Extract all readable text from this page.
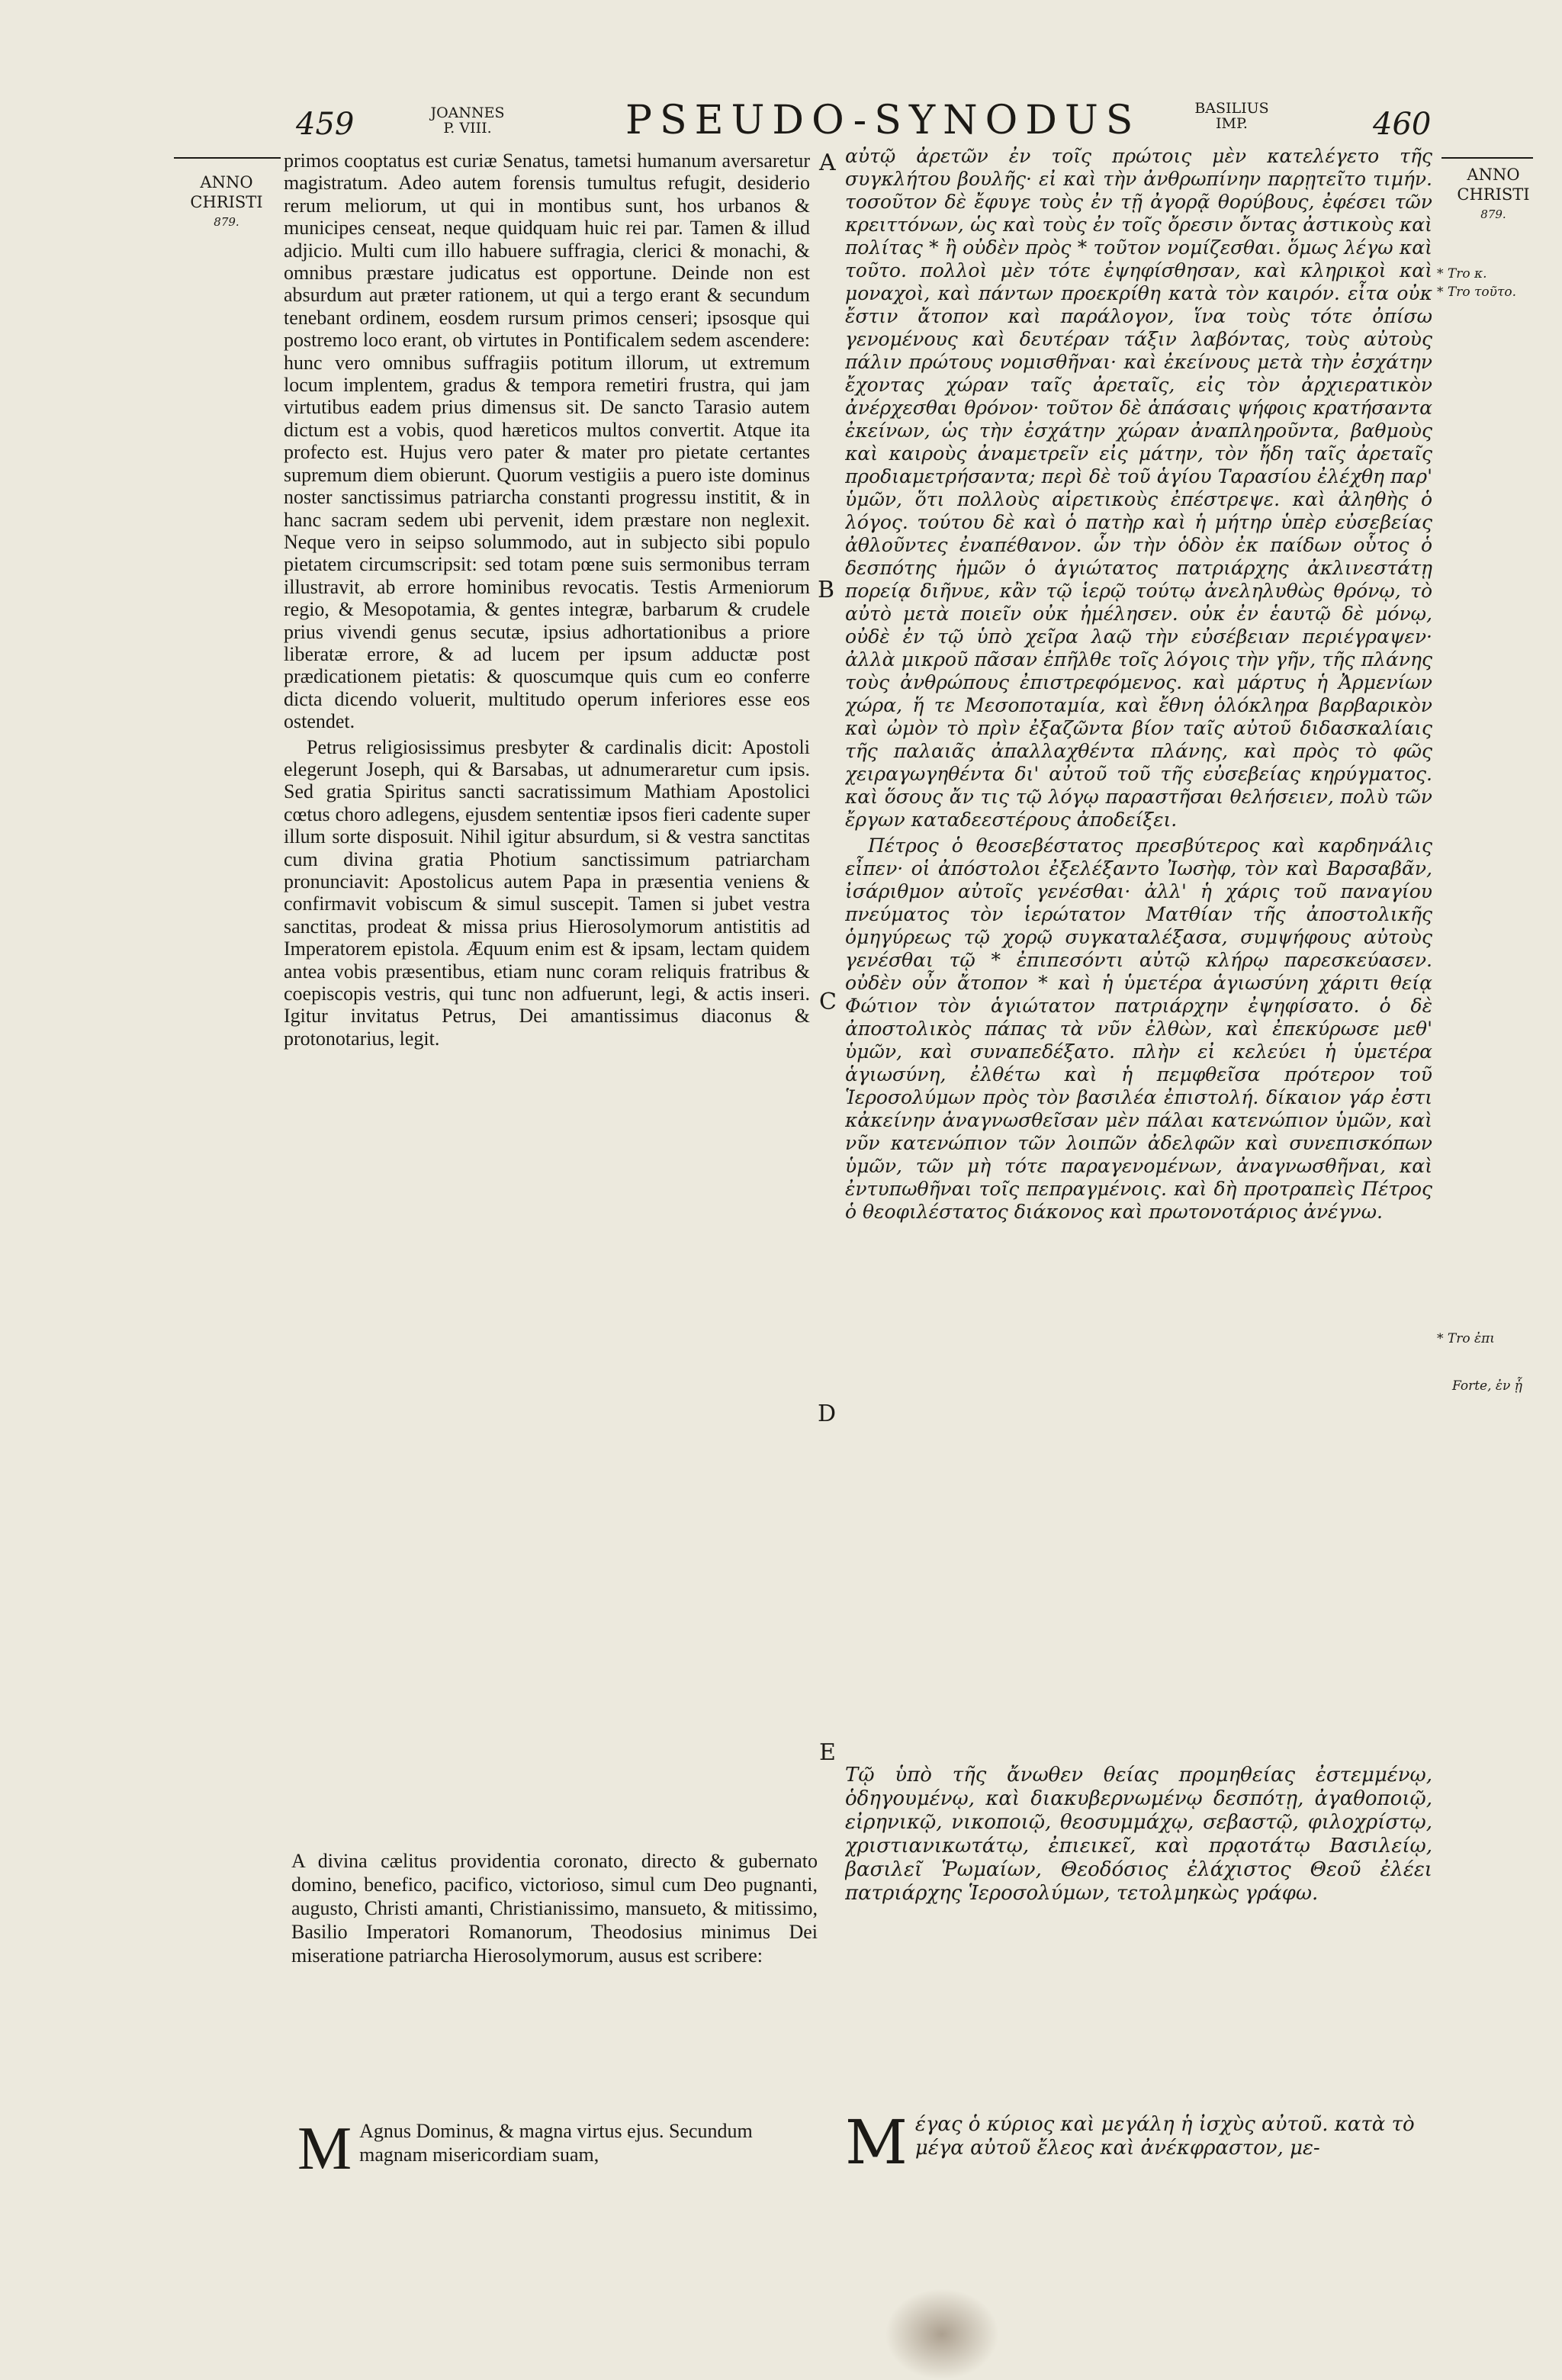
459	JOANNES
P. VIII.	PSEUDO-SYNODUS	BASILIUS
IMP.	460
ANNO
CHRISTI
879.
ANNO
CHRISTI
879.
A
B
C
D
E
* Tro κ.
* Tro τοῦτο.
* Tro ἐπι
Forte, ἐν ᾗ

primos cooptatus est curiæ Senatus, tametsi humanum aversaretur magistratum. Adeo autem forensis tumultus refugit, desiderio rerum meliorum, ut qui in montibus sunt, hos urbanos & municipes censeat, neque quidquam huic rei par. Tamen & illud adjicio. Multi cum illo habuere suffragia, clerici & monachi, & omnibus præstare judicatus est opportune. Deinde non est absurdum aut præter rationem, ut qui a tergo erant & secundum tenebant ordinem, eosdem rursum primos censeri; ipsosque qui postremo loco erant, ob virtutes in Pontificalem sedem ascendere: hunc vero omnibus suffragiis potitum illorum, ut extremum locum implentem, gradus & tempora remetiri frustra, qui jam virtutibus eadem prius dimensus sit. De sancto Tarasio autem dictum est a vobis, quod hæreticos multos convertit. Atque ita profecto est. Hujus vero pater & mater pro pietate certantes supremum diem obierunt. Quorum vestigiis a puero iste dominus noster sanctissimus patriarcha constanti progressu institit, & in hanc sacram sedem ubi pervenit, idem præstare non neglexit. Neque vero in seipso solummodo, aut in subjecto sibi populo pietatem circumscripsit: sed totam pœne suis sermonibus terram illustravit, ab errore hominibus revocatis. Testis Armeniorum regio, & Mesopotamia, & gentes integræ, barbarum & crudele prius vivendi genus secutæ, ipsius adhortationibus a priore liberatæ errore, & ad lucem per ipsum adductæ post prædicationem pietatis: & quoscumque quis cum eo conferre dicta dicendo voluerit, multitudo operum inferiores esse eos ostendet.

Petrus religiosissimus presbyter & cardinalis dicit: Apostoli elegerunt Joseph, qui & Barsabas, ut adnumeraretur cum ipsis. Sed gratia Spiritus sancti sacratissimum Mathiam Apostolici cœtus choro adlegens, ejusdem sententiæ ipsos fieri cadente super illum sorte disposuit. Nihil igitur absurdum, si & vestra sanctitas cum divina gratia Photium sanctissimum patriarcham pronunciavit: Apostolicus autem Papa in præsentia veniens & confirmavit vobiscum & simul suscepit. Tamen si jubet vestra sanctitas, prodeat & missa prius Hierosolymorum antistitis ad Imperatorem epistola. Æquum enim est & ipsam, lectam quidem antea vobis præsentibus, etiam nunc coram reliquis fratribus & coepiscopis vestris, qui tunc non adfuerunt, legi, & actis inseri. Igitur invitatus Petrus, Dei amantissimus diaconus & protonotarius, legit.

αὐτῷ ἀρετῶν ἐν τοῖς πρώτοις μὲν κατελέγετο τῆς συγκλήτου βουλῆς· εἰ καὶ τὴν ἀνθρωπίνην παρῃτεῖτο τιμήν. τοσοῦτον δὲ ἔφυγε τοὺς ἐν τῇ ἀγορᾷ θορύβους, ἐφέσει τῶν κρειττόνων, ὡς καὶ τοὺς ἐν τοῖς ὄρεσιν ὄντας ἀστικοὺς καὶ πολίτας * ἢ οὐδὲν πρὸς * τοῦτον νομίζεσθαι. ὅμως λέγω καὶ τοῦτο. πολλοὶ μὲν τότε ἐψηφίσθησαν, καὶ κληρικοὶ καὶ μοναχοὶ, καὶ πάντων προεκρίθη κατὰ τὸν καιρόν. εἶτα οὐκ ἔστιν ἄτοπον καὶ παράλογον, ἵνα τοὺς τότε ὀπίσω γενομένους καὶ δευτέραν τάξιν λαβόντας, τοὺς αὐτοὺς πάλιν πρώτους νομισθῆναι· καὶ ἐκείνους μετὰ τὴν ἐσχάτην ἔχοντας χώραν ταῖς ἀρεταῖς, εἰς τὸν ἀρχιερατικὸν ἀνέρχεσθαι θρόνον· τοῦτον δὲ ἁπάσαις ψήφοις κρατήσαντα ἐκείνων, ὡς τὴν ἐσχάτην χώραν ἀναπληροῦντα, βαθμοὺς καὶ καιροὺς ἀναμετρεῖν εἰς μάτην, τὸν ἤδη ταῖς ἀρεταῖς προδιαμετρήσαντα; περὶ δὲ τοῦ ἁγίου Ταρασίου ἐλέχθη παρ' ὑμῶν, ὅτι πολλοὺς αἱρετικοὺς ἐπέστρεψε. καὶ ἀληθὴς ὁ λόγος. τούτου δὲ καὶ ὁ πατὴρ καὶ ἡ μήτηρ ὑπὲρ εὐσεβείας ἀθλοῦντες ἐναπέθανον. ὧν τὴν ὁδὸν ἐκ παίδων οὗτος ὁ δεσπότης ἡμῶν ὁ ἁγιώτατος πατριάρχης ἀκλινεστάτῃ πορείᾳ διῆνυε, κἂν τῷ ἱερῷ τούτῳ ἀνεληλυθὼς θρόνῳ, τὸ αὐτὸ μετὰ ποιεῖν οὐκ ἠμέλησεν. οὐκ ἐν ἑαυτῷ δὲ μόνῳ, οὐδὲ ἐν τῷ ὑπὸ χεῖρα λαῷ τὴν εὐσέβειαν περιέγραψεν· ἀλλὰ μικροῦ πᾶσαν ἐπῆλθε τοῖς λόγοις τὴν γῆν, τῆς πλάνης τοὺς ἀνθρώπους ἐπιστρεφόμενος. καὶ μάρτυς ἡ Ἀρμενίων χώρα, ἥ τε Μεσοποταμία, καὶ ἔθνη ὁλόκληρα βαρβαρικὸν καὶ ὠμὸν τὸ πρὶν ἐξαζῶντα βίον ταῖς αὐτοῦ διδασκαλίαις τῆς παλαιᾶς ἀπαλλαχθέντα πλάνης, καὶ πρὸς τὸ φῶς χειραγωγηθέντα δι' αὐτοῦ τοῦ τῆς εὐσεβείας κηρύγματος. καὶ ὅσους ἄν τις τῷ λόγῳ παραστῆσαι θελήσειεν, πολὺ τῶν ἔργων καταδεεστέρους ἀποδείξει.

Πέτρος ὁ θεοσεβέστατος πρεσβύτερος καὶ καρδηνάλις εἶπεν· οἱ ἀπόστολοι ἐξελέξαντο Ἰωσὴφ, τὸν καὶ Βαρσαβᾶν, ἰσάριθμον αὐτοῖς γενέσθαι· ἀλλ' ἡ χάρις τοῦ παναγίου πνεύματος τὸν ἱερώτατον Ματθίαν τῆς ἀποστολικῆς ὁμηγύρεως τῷ χορῷ συγκαταλέξασα, συμψήφους αὐτοὺς γενέσθαι τῷ * ἐπιπεσόντι αὐτῷ κλήρῳ παρεσκεύασεν. οὐδὲν οὖν ἄτοπον * καὶ ἡ ὑμετέρα ἁγιωσύνη χάριτι θείᾳ Φώτιον τὸν ἁγιώτατον πατριάρχην ἐψηφίσατο. ὁ δὲ ἀποστολικὸς πάπας τὰ νῦν ἐλθὼν, καὶ ἐπεκύρωσε μεθ' ὑμῶν, καὶ συναπεδέξατο. πλὴν εἰ κελεύει ἡ ὑμετέρα ἁγιωσύνη, ἐλθέτω καὶ ἡ πεμφθεῖσα πρότερον τοῦ Ἱεροσολύμων πρὸς τὸν βασιλέα ἐπιστολή. δίκαιον γάρ ἐστι κἀκείνην ἀναγνωσθεῖσαν μὲν πάλαι κατενώπιον ὑμῶν, καὶ νῦν κατενώπιον τῶν λοιπῶν ἀδελφῶν καὶ συνεπισκόπων ὑμῶν, τῶν μὴ τότε παραγενομένων, ἀναγνωσθῆναι, καὶ ἐντυπωθῆναι τοῖς πεπραγμένοις. καὶ δὴ προτραπεὶς Πέτρος ὁ θεοφιλέστατος διάκονος καὶ πρωτονοτάριος ἀνέγνω.

A divina cælitus providentia coronato, directo & gubernato domino, benefico, pacifico, victorioso, simul cum Deo pugnanti, augusto, Christi amanti, Christianissimo, mansueto, & mitissimo, Basilio Imperatori Romanorum, Theodosius minimus Dei miseratione patriarcha Hierosolymorum, ausus est scribere:
Τῷ ὑπὸ τῆς ἄνωθεν θείας προμηθείας ἐστεμμένῳ, ὁδηγουμένῳ, καὶ διακυβερνωμένῳ δεσπότῃ, ἀγαθοποιῷ, εἰρηνικῷ, νικοποιῷ, θεοσυμμάχῳ, σεβαστῷ, φιλοχρίστῳ, χριστιανικωτάτῳ, ἐπιεικεῖ, καὶ πρᾳοτάτῳ Βασιλείῳ, βασιλεῖ Ῥωμαίων, Θεοδόσιος ἐλάχιστος Θεοῦ ἐλέει πατριάρχης Ἱεροσολύμων, τετολμηκὼς γράφω.
M Agnus Dominus, & magna virtus ejus. Secundum magnam misericordiam suam,	M έγας ὁ κύριος καὶ μεγάλη ἡ ἰσχὺς αὐτοῦ. κατὰ τὸ μέγα αὐτοῦ ἔλεος καὶ ἀνέκφραστον, με-
